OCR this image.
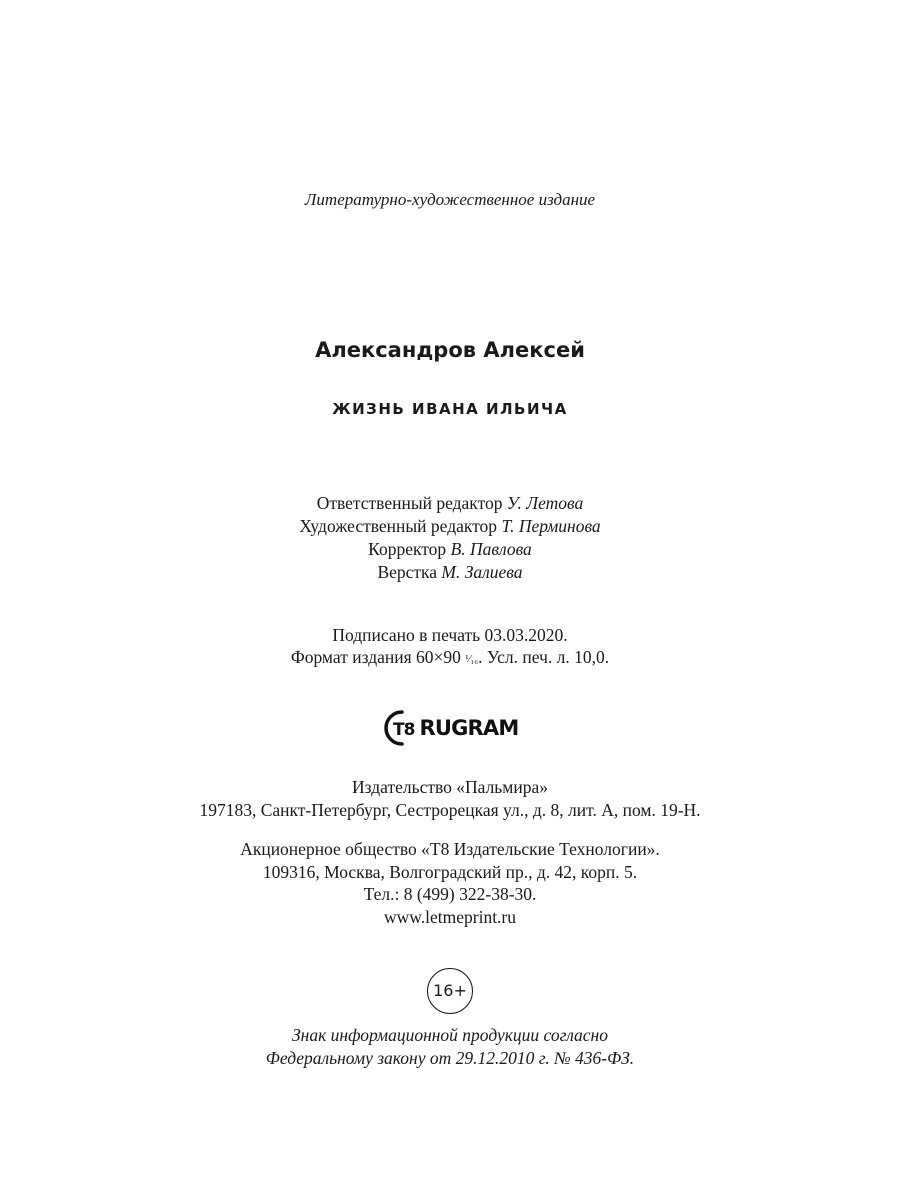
Литературно-художественное издание
Александров Алексей
ЖИЗНЬ ИВАНА ИЛЬИЧА
Ответственный редактор У. Летова
Художественный редактор Т. Перминова
Корректор В. Павлова
Верстка М. Залиева
Подписано в печать 03.03.2020.
Формат издания 60×90 ¹⁄₁₆. Усл. печ. л. 10,0.
T8 RUGRAM
Издательство «Пальмира»
197183, Санкт-Петербург, Сестрорецкая ул., д. 8, лит. А, пом. 19-Н.
Акционерное общество «Т8 Издательские Технологии».
109316, Москва, Волгоградский пр., д. 42, корп. 5.
Тел.: 8 (499) 322-38-30.
www.letmeprint.ru
16+
Знак информационной продукции согласно
Федеральному закону от 29.12.2010 г. № 436-ФЗ.
